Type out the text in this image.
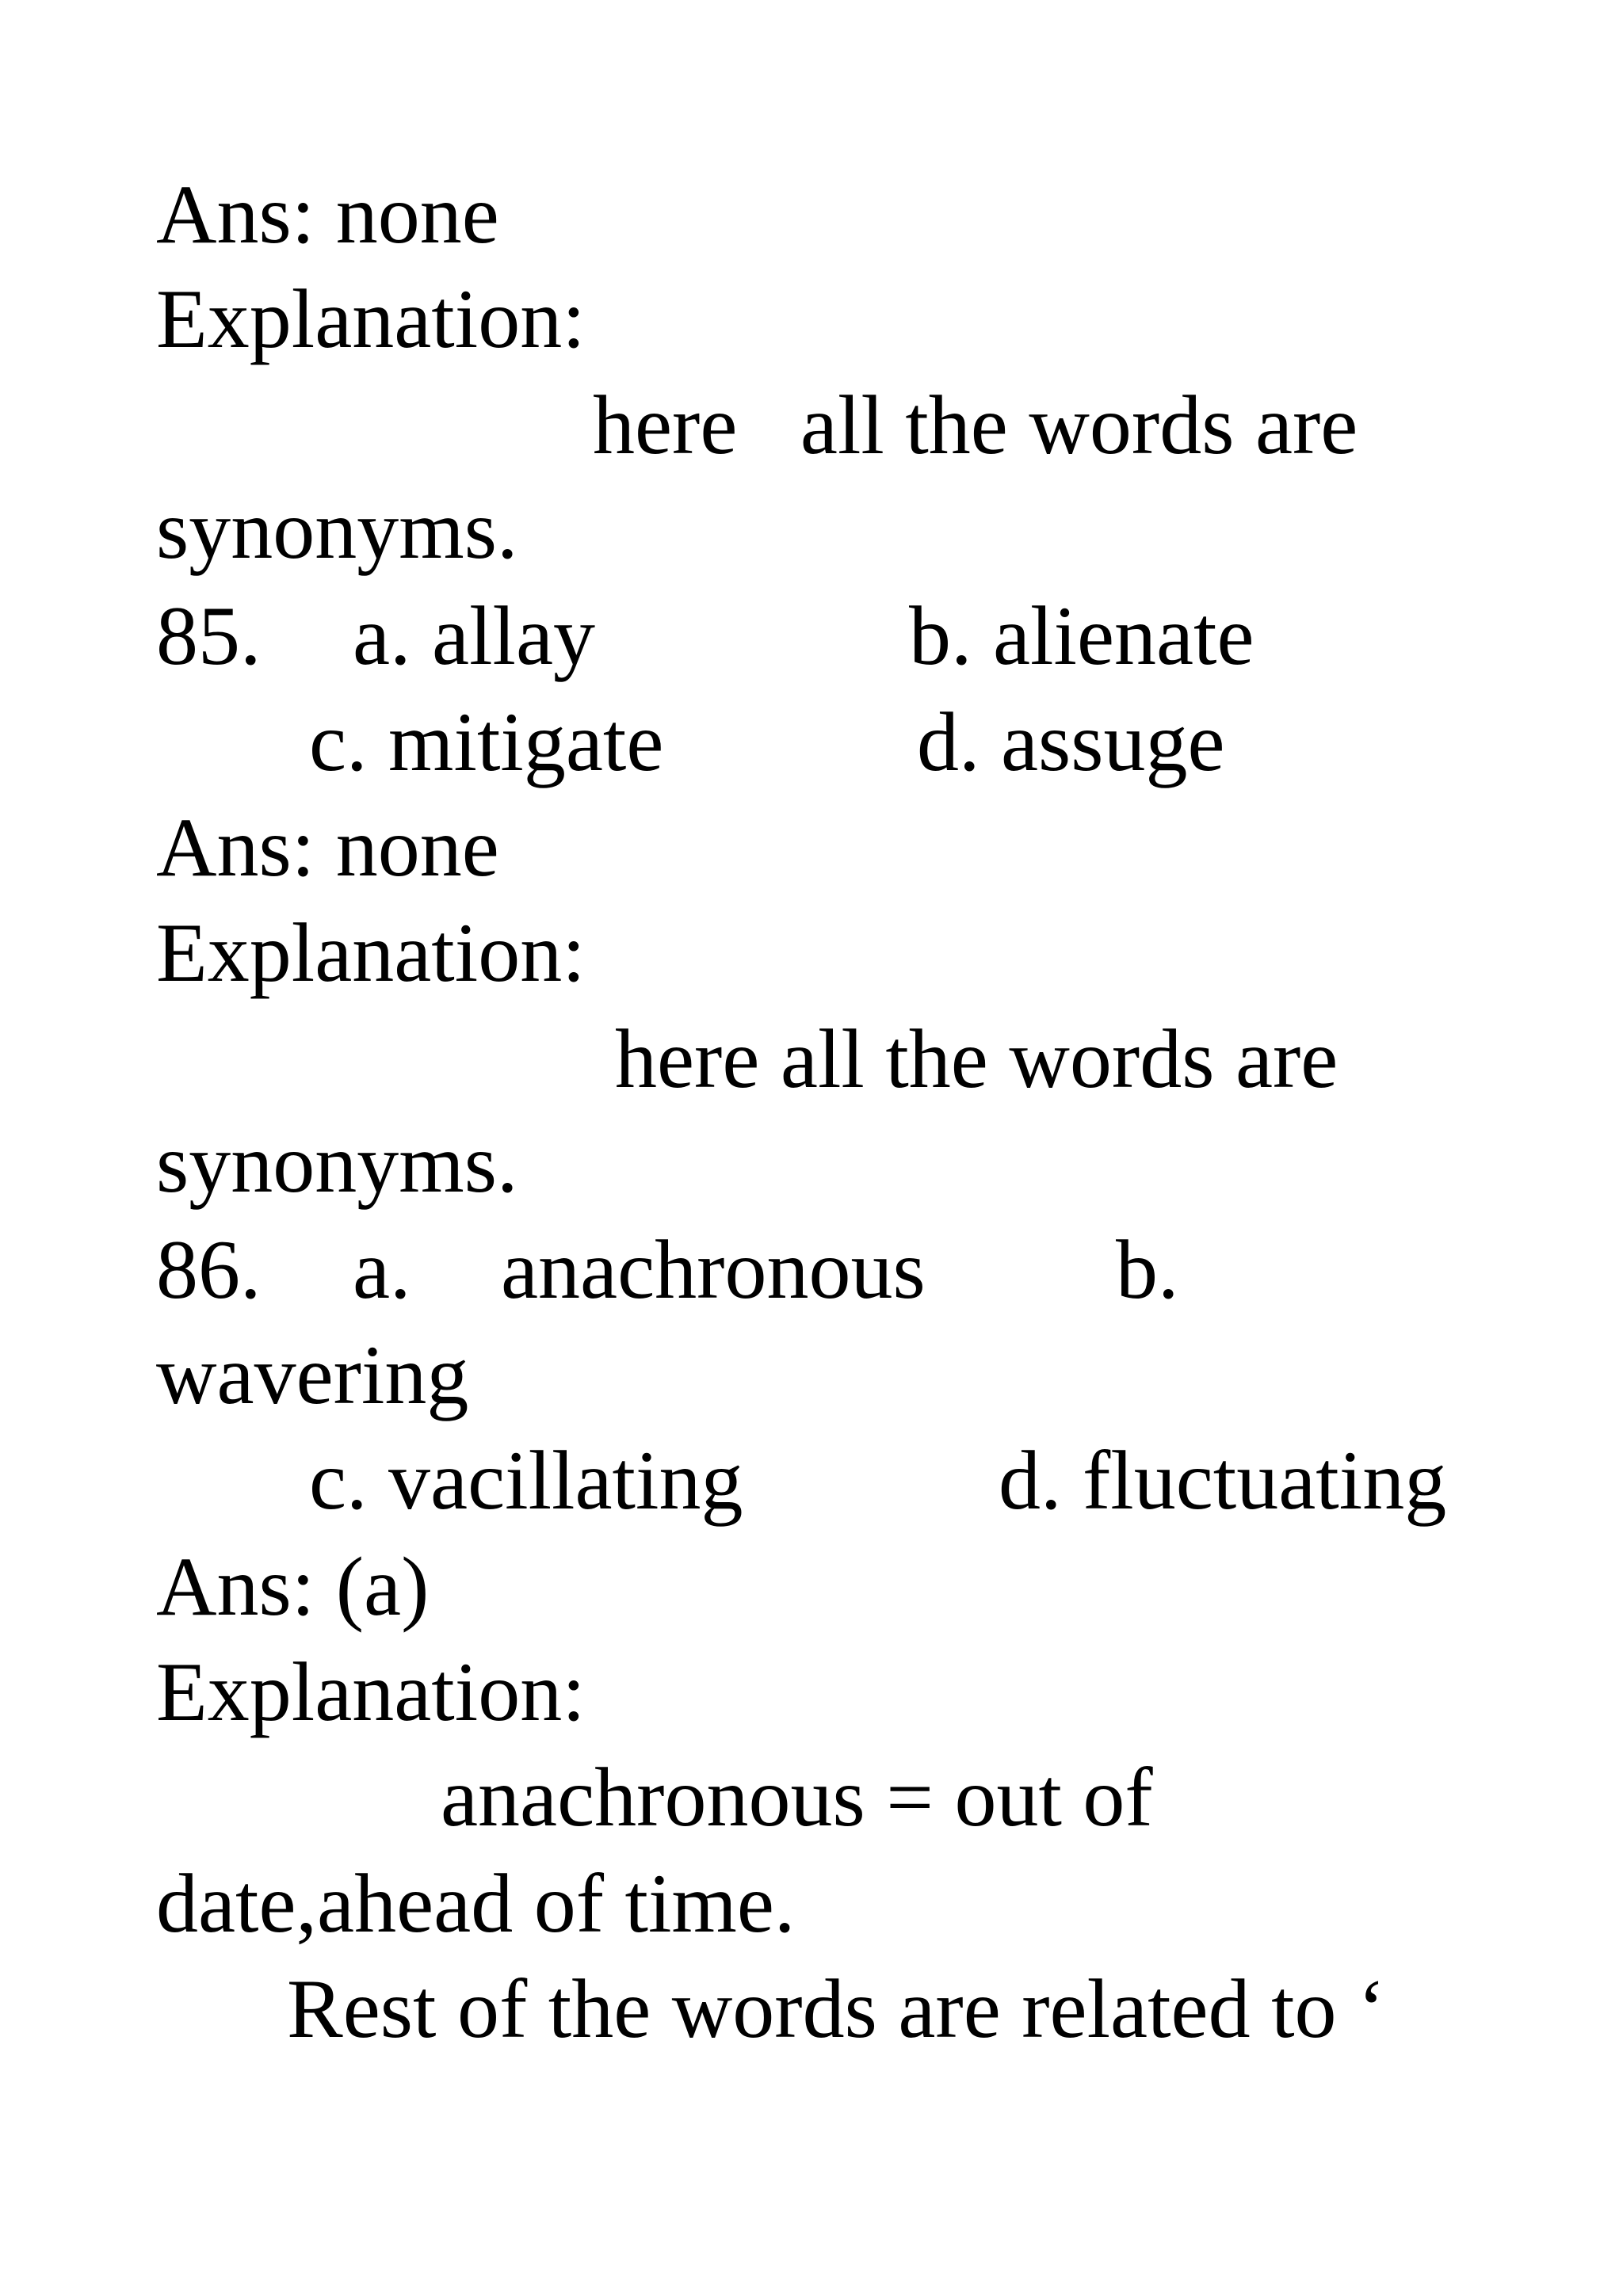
Ans: none
Explanation:
here   all the words are
synonyms.
85. a. allay	b. alienate
c. mitigate	d. assuge
Ans: none
Explanation:
here all the words are
synonyms.
86. a. anachronous b.
wavering
c. vacillating	d. fluctuating
Ans: (a)
Explanation:
anachronous = out of
date,ahead of time.
Rest of the words are related to ‘
